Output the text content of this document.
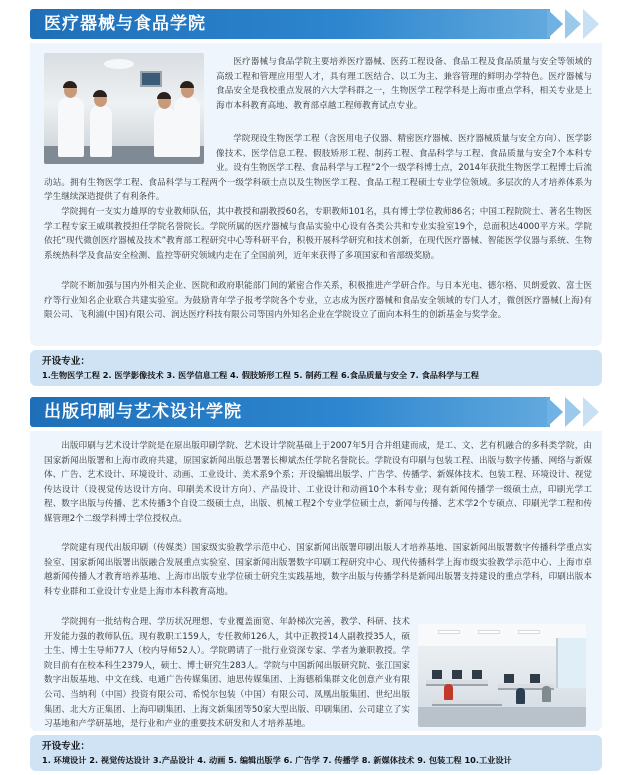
医疗器械与食品学院
医疗器械与食品学院主要培养医疗器械、医药工程设备、食品工程及食品质量与安全等领域的高级工程和管理应用型人才，具有理工医结合、以工为主、兼容管理的鲜明办学特色。医疗器械与食品安全是我校重点发展的六大学科群之一，生物医学工程学科是上海市重点学科，相关专业是上海市本科教育高地、教育部卓越工程师教育试点专业。
　　学院现设生物医学工程（含医用电子仪器、精密医疗器械、医疗器械质量与安全方向）、医学影像技术、医学信息工程、假肢矫形工程、制药工程、食品科学与工程、食品质量与安全7个本科专业。设有生物医学工程、食品科学与工程”2个一级学科博士点，2014年获批生物医学工程博士后流动站。拥有生物医学工程、食品科学与工程两个一级学科硕士点以及生物医学工程、食品工程工程硕士专业学位领域。多层次的人才培养体系为学生继续深造提供了有利条件。
学院拥有一支实力雄厚的专业教师队伍，其中教授和副教授60名，专职教师101名，具有博士学位教师86名；中国工程院院士、著名生物医学工程专家王威琪教授担任学院名誉院长。学院所属的医疗器械与食品实验中心设有各类公共和专业实验室19个，总面积达4000平方米。学院依托“现代微创医疗器械及技术”教育部工程研究中心等科研平台，积极开展科学研究和技术创新，在现代医疗器械、智能医学仪器与系统、生物系统热科学及食品安全检测、监控等研究领域内走在了全国前列，近年来获得了多项国家和省部级奖励。
学院不断加强与国内外相关企业、医院和政府职能部门间的紧密合作关系，积极推进产学研合作。与日本光电、德尔格、贝朗爱敦、富士医疗等行业知名企业联合共建实验室。为鼓励青年学子报考学院各个专业，立志成为医疗器械和食品安全领域的专门人才，微创医疗器械(上海)有限公司、飞利浦(中国)有限公司、润达医疗科技有限公司等国内外知名企业在学院设立了面向本科生的创新基金与奖学金。
开设专业：
1.生物医学工程 2. 医学影像技术 3. 医学信息工程 4. 假肢矫形工程 5. 制药工程 6.食品质量与安全 7. 食品科学与工程
出版印刷与艺术设计学院
出版印刷与艺术设计学院是在原出版印刷学院、艺术设计学院基础上于2007年5月合并组建而成，是工、文、艺有机融合的多科类学院，由国家新闻出版署和上海市政府共建，原国家新闻出版总署署长柳斌杰任学院名誉院长。学院设有印刷与包装工程、出版与数字传播、网络与新媒体、广告、艺术设计、环境设计、动画、工业设计、美术系9个系；开设编辑出版学、广告学、传播学、新媒体技术、包装工程、环境设计、视觉传达设计（设视觉传达设计方向、印刷美术设计方向）、产品设计、工业设计和动画10个本科专业；现有新闻传播学一级硕士点，印刷光学工程、数字出版与传播、艺术传播3个自设二级硕士点，出版、机械工程2个专业学位硕士点，新闻与传播、艺术学2个专硕点、印刷光学工程和传媒管理2个二级学科博士学位授权点。
学院建有现代出版印刷（传媒类）国家级实验教学示范中心、国家新闻出版署印刷出版人才培养基地、国家新闻出版署数字传播科学重点实验室、国家新闻出版署出版融合发展重点实验室、国家新闻出版署数字印刷工程研究中心、现代传播科学上海市级实验教学示范中心、上海市卓越新闻传播人才教育培养基地、上海市出版专业学位硕士研究生实践基地，数字出版与传播学科是新闻出版署支持建设的重点学科，印刷出版本科专业群和工业设计专业是上海市本科教育高地。
学院拥有一批结构合理、学历状况理想、专业覆盖面宽、年龄梯次完善，教学、科研、技术开发能力强的教师队伍。现有教职工159人，专任教师126人，其中正教授14人副教授35人，硕士生、博士生导师77人（校内导师52人）。学院聘请了一批行业资深专家、学者为兼职教授。学院目前有在校本科生2379人，硕士、博士研究生283人。学院与中国新闻出版研究院、张江国家数字出版基地、中文在线、电通广告传媒集团、迪思传媒集团、上海德稻集群文化创意产业有限公司、当纳利（中国）投资有限公司、希悦尔包装（中国）有限公司、凤凰出版集团、世纪出版集团、北大方正集团、上海印刷集团、上海文新集团等50家大型出版、印刷集团、公司建立了实习基地和产学研基地，是行业和产业的重要技术研发和人才培养基地。
开设专业：
1. 环境设计 2. 视觉传达设计 3.产品设计 4. 动画 5. 编辑出版学 6. 广告学 7. 传播学 8. 新媒体技术 9. 包装工程 10.工业设计
